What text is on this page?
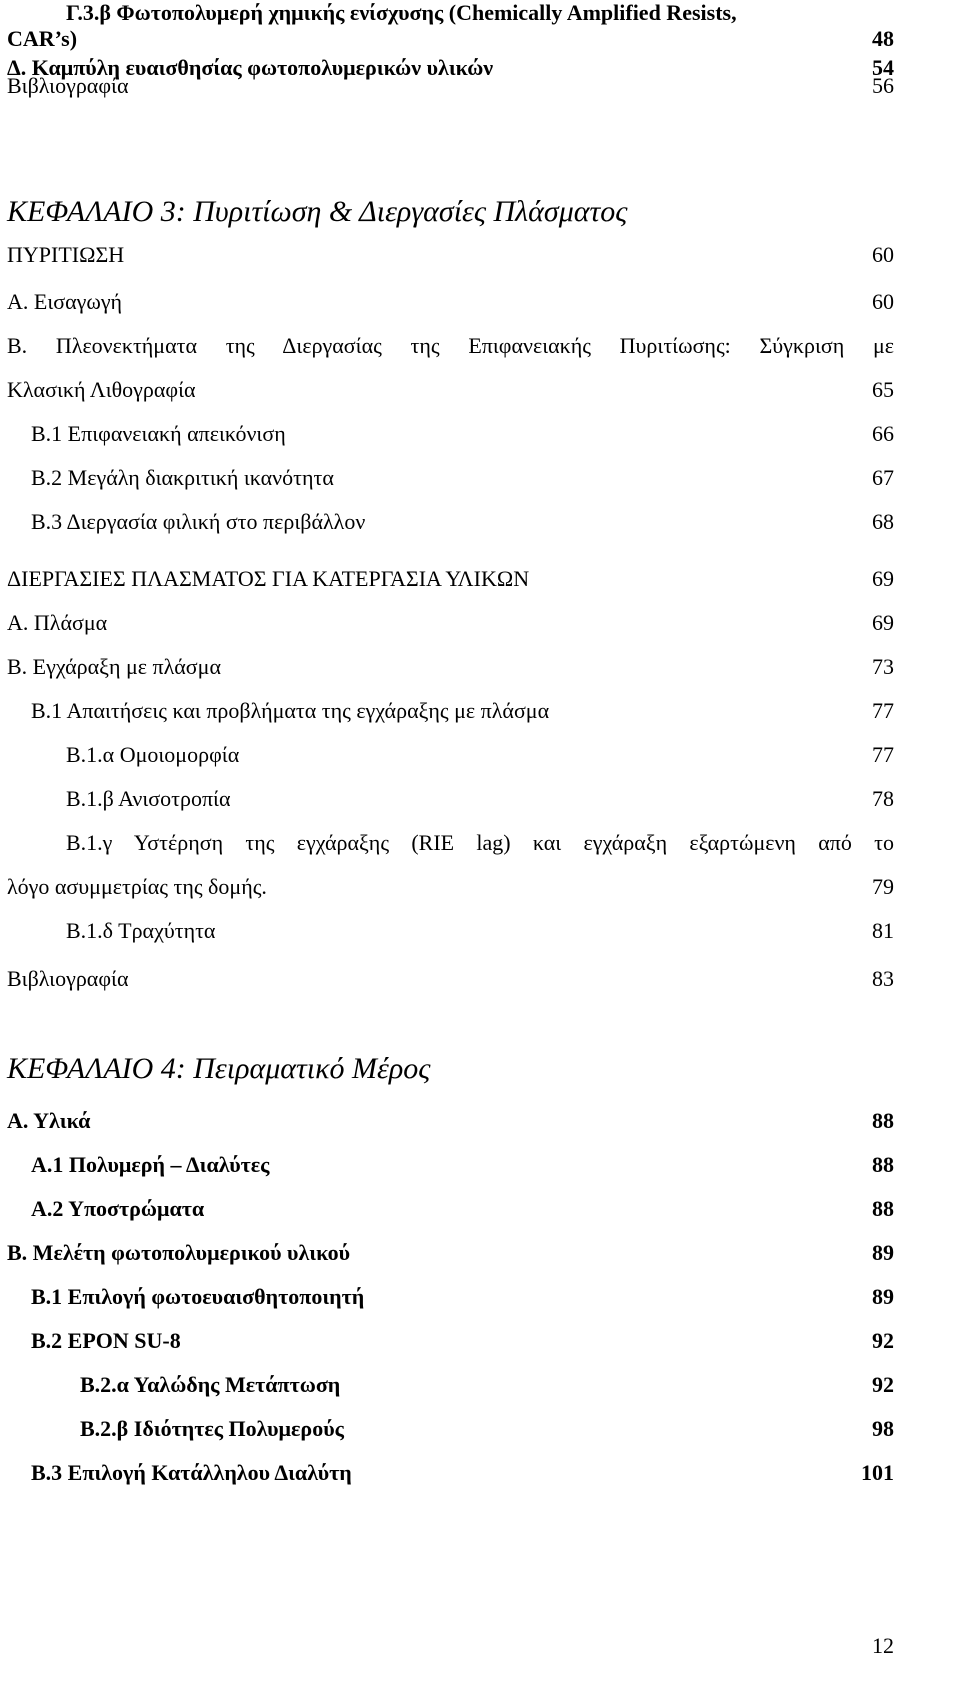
Γ.3.β Φωτοπολυμερή χημικής ενίσχυσης (Chemically Amplified Resists,
CAR’s)	48
Δ. Καμπύλη ευαισθησίας φωτοπολυμερικών υλικών	54
Βιβλιογραφία	56
ΚΕΦΑΛΑΙΟ 3: Πυριτίωση & Διεργασίες Πλάσματος
ΠΥΡΙΤΙΩΣΗ	60
Α. Εισαγωγή	60
Β. Πλεονεκτήματα της Διεργασίας της Επιφανειακής Πυριτίωσης: Σύγκριση με
Κλασική Λιθογραφία	65
Β.1 Επιφανειακή απεικόνιση	66
Β.2 Μεγάλη διακριτική ικανότητα	67
Β.3 Διεργασία φιλική στο περιβάλλον	68
ΔΙΕΡΓΑΣΙΕΣ ΠΛΑΣΜΑΤΟΣ ΓΙΑ ΚΑΤΕΡΓΑΣΙΑ ΥΛΙΚΩΝ	69
Α. Πλάσμα	69
Β. Εγχάραξη με πλάσμα	73
Β.1 Απαιτήσεις και προβλήματα της εγχάραξης με πλάσμα	77
Β.1.α Ομοιομορφία	77
Β.1.β Ανισοτροπία	78
Β.1.γ Υστέρηση της εγχάραξης (RIE lag) και εγχάραξη εξαρτώμενη από το
λόγο ασυμμετρίας της δομής.	79
Β.1.δ Τραχύτητα	81
Βιβλιογραφία	83
ΚΕΦΑΛΑΙΟ 4: Πειραματικό Μέρος
Α. Υλικά	88
Α.1 Πολυμερή – Διαλύτες	88
Α.2 Υποστρώματα	88
Β. Μελέτη φωτοπολυμερικού υλικού	89
Β.1 Επιλογή φωτοευαισθητοποιητή	89
Β.2 EPON SU-8	92
Β.2.α Υαλώδης Μετάπτωση	92
Β.2.β Ιδιότητες Πολυμερούς	98
Β.3 Επιλογή Κατάλληλου Διαλύτη	101
12
